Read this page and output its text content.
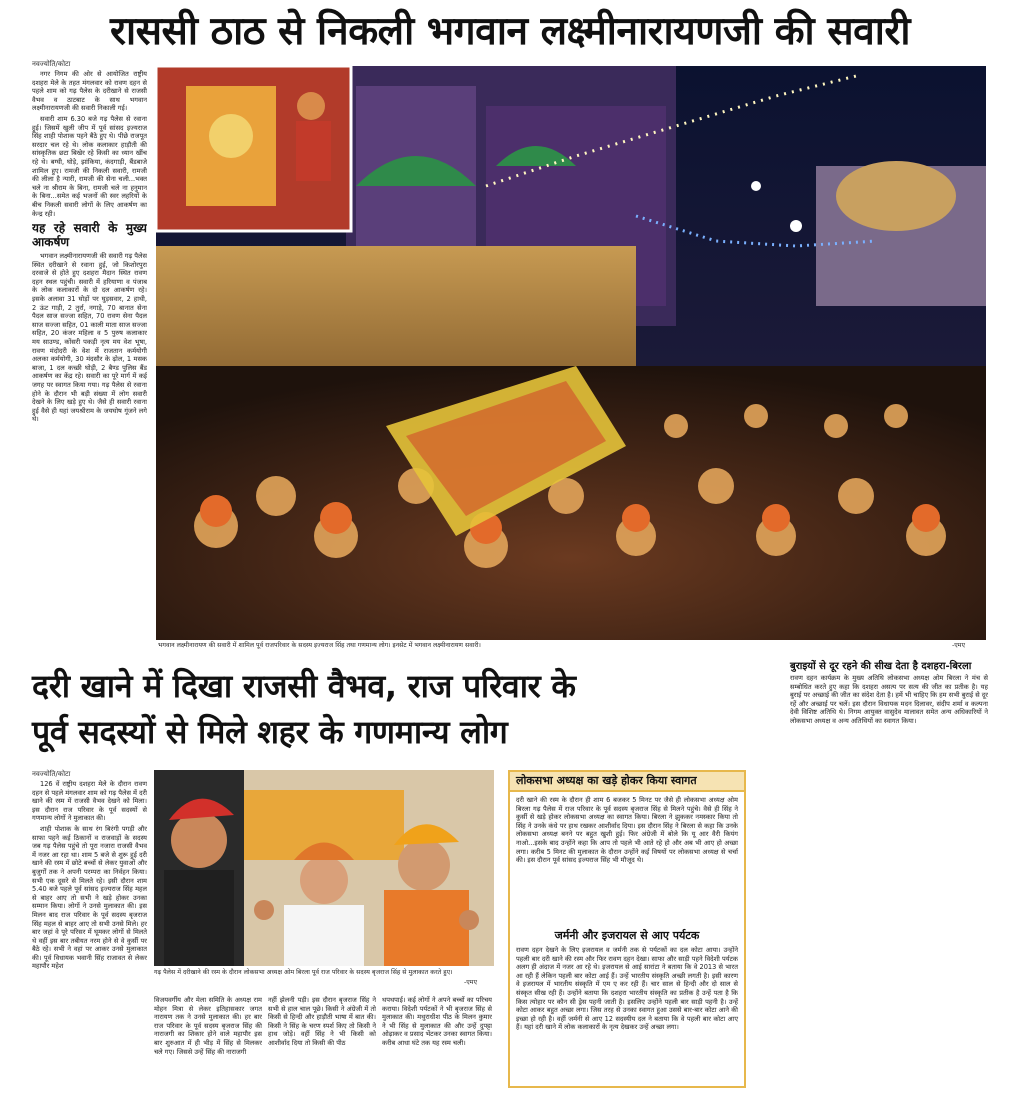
राससी ठाठ से निकली भगवान लक्ष्मीनारायणजी की सवारी
नवज्योति/कोटा

नगर निगम की ओर से आयोजित राष्ट्रीय दशहरा मेले के तहत मंगलवार को रावण दहन से पहले शाम को गढ़ पैलेस के दरीखाने से राजसी वैभव व ठाटबाट के साथ भगवान लक्ष्मीनारायणजी की सवारी निकाली गई।

सवारी शाम 6.30 बजे गढ़ पैलेस से रवाना हुई। जिसमें खुली जीप में पूर्व सांसद इज्यराज सिंह शाही पोशाक पहने बैठे हुए थे। पीछे राजपूत सरदार चल रहे थे। लोक कलाकार हाड़ौती की सांस्कृतिक छटा बिखेर रहे किसी का ध्यान खींच रहे थे। बग्घी, घोड़े, झांकिया, कंदगाड़ी, बैंडबाजे शामिल हुए। रामजी की निकली सवारी, रामजी की लीला है न्यारी, रामजी की सेना चली...भक्त चले ना श्रीराम के बिना, रामजी चले ना हनुमान के बिना...समेत कई भजनों की स्वर लहरियों के बीच निकली सवारी लोगों के लिए आकर्षण का केन्द्र रही।

यह रहे सवारी के मुख्य आकर्षण

भगवान लक्ष्मीनारायणजी की सवारी गढ़ पैलेस स्थित दरीखाने से रवाना हुई, जो किशोरपुरा दरवाजे से होते हुए दशहरा मैदान स्थित रावण दहन स्थल पहुंची। सवारी में हरियाणा व पंजाब के लोक कलाकारों के दो दल आकर्षण रहे। इसके अलावा 31 घोड़ों पर घुड़सवार, 2 हाथी, 2 ऊंट गाड़ी, 2 तुर्रा, नगाड़े, 70 बानात सेना पैदल साज सज्जा सहित, 70 रावण सेना पैदल साज सज्जा सहित, 01 काली माता साज सज्जा सहित, 20 कंजर महिला व 5 पुरुष कलाकार मय साउण्ड, कोंसरी पकड़ी नृत्य मय वेश भूषा, रावण मंदोदरी के वेश में राजतान कर्मयोगी अलका कर्मयोगी, 30 मंदसौर के ढ़ोल, 1 मसक बाजा, 1 दल कच्छी घोड़ी, 2 बैण्ड पुलिस बैंड आकर्षण का केंद्र रहे। सवारी का पूरे मार्ग में कई जगह पर स्वागत किया गया। गढ़ पैलेस से रवाना होने के दौरान भी बड़ी संख्या में लोग सवारी देखने के लिए खड़े हुए थे। जैसे ही सवारी रवाना हुई वैसे ही यहां जयश्रीराम के जयघोष गूंजने लगे थे।

भगवान लक्ष्मीनारायण की सवारी में शामिल पूर्व राजपरिवार के सदस्य इज्यराज सिंह तथा गणमान्य लोग। इनसेट में भगवान लक्ष्मीनारायण सवारी।	-एमए
बुराइयों से दूर रहने की सीख देता है दशहरा-बिरला
रावण दहन कार्यक्रम के मुख्य अतिथि लोकसभा अध्यक्ष ओम बिरला ने मंच से सम्बोधित करते हुए कहा कि दशहरा असत्य पर सत्य की जीत का प्रतीक है। यह बुराई पर अच्छाई की जीत का संदेश देता है। हमें भी चाहिए कि हम सभी बुराई से दूर रहें और अच्छाई पर चलें। इस दौरान विधायक मदन दिलावर, संदीप शर्मा व कल्पना देवी विशिष्ट अतिथि थे। निगम आयुक्त वासुदेव मालावत समेत अन्य अधिकारियों ने लोकसभा अध्यक्ष व अन्य अतिथियों का स्वागत किया।
दरी खाने में दिखा राजसी वैभव, राज परिवार के
पूर्व सदस्यों से मिले शहर के गणमान्य लोग
नवज्योति/कोटा

126 वें राष्ट्रीय दशहरा मेले के दौरान रावण दहन से पहले मंगलवार शाम को गढ़ पैलेस में दरी खाने की रस्म में राजसी वैभव देखने को मिला। इस दौरान राज परिवार के पूर्व सदस्यों से गणमान्य लोगों ने मुलाकात की।

शाही पोशाक के साथ रंग बिरंगी पगड़ी और साफा पहने कई ठिकानों व राजवाड़ों के सदस्य जब गढ़ पैलेस पहुंचे तो पूरा नजारा राजसी वैभव में नजर आ रहा था। शाम 5 बजे से शुरू हुई दरी खाने की रस्म में छोटे बच्चों से लेकर युवाओं और बुजुर्गों तक ने अपनी परम्परा का निर्वहन किया। सभी एक दूसरे से मिलते रहे। इसी दौरान शाम 5.40 बजे पहले पूर्व सांसद इज्यराज सिंह महल से बाहर आए तो सभी ने खड़े होकर उनका सम्मान किया। लोगों ने उनसे मुलाकात की। इस मिलन बाद राज परिवार के पूर्व सदस्य बृजराज सिंह महल से बाहर आए तो सभी उनसे मिले। हर बार जहां वे पूरे परिसर में घूमकर लोगों से मिलते थे वहीं इस बार तबीयत नरम होने से वे कुर्सी पर बैठे रहे। सभी ने वहां पर आकर उनसे मुलाकात की। पूर्व विधायक भवानी सिंह राजावत से लेकर महापौर महेश

गढ़ पैलेस में दरीखाने की रस्म के दौरान लोकसभा अध्यक्ष ओम बिरला पूर्व राज परिवार के सदस्य बृजराज सिंह से मुलाकात करते हुए।
-एमए
विजयवर्गीय और मेला समिति के अध्यक्ष राम मोहन मित्रा से लेकर इतिहासकार जगत नारायण तक ने उनसे मुलाकात की। हर बार राज परिवार के पूर्व सदस्य बृजराज सिंह की नाराजगी का शिकार होने वाले महापौर इस बार शुरुआत में ही भीड़ में सिंह से मिलकर चले गए। जिससे उन्हें सिंह की नाराजगी
नहीं झेलनी पड़ी। इस दौरान बृजराज सिंह ने सभी से हाल चाल पूछे। किसी ने अंग्रेजी में तो किसी से हिन्दी और हाड़ौती भाषा में बात की। किसी ने सिंह के चरण स्पर्श किए तो किसी ने हाथ जोड़े। वहीं सिंह ने भी किसी को आशीर्वाद दिया तो किसी की पीठ
थपथपाई। कई लोगों ने अपने बच्चों का परिचय कराया। विदेशी पर्यटकों ने भी बृजराज सिंह से मुलाकात की। मथुराधीश पीठ के मिलन कुमार ने भी सिंह से मुलाकात की और उन्हें दुपट्टा ओढ़ाकर व प्रसाद भेंटकर उनका स्वागत किया। करीब आधा घंटे तक यह रस्म चली।
लोकसभा अध्यक्ष का खड़े होकर किया स्वागत
दरी खाने की रस्म के दौरान ही शाम 6 बजकर 5 मिनट पर जैसे ही लोकसभा अध्यक्ष ओम बिरला गढ़ पैलेस में राज परिवार के पूर्व सदस्य बृजराज सिंह से मिलने पहुंचे। वैसे ही सिंह ने कुर्सी से खड़े होकर लोकसभा अध्यक्ष का स्वागत किया। बिरला ने झुककर नमस्कार किया तो सिंह ने उनके कंधे पर हाथ रखकर आशीर्वाद दिया। इस दौरान सिंह ने बिरला से कहा कि उनके लोकसभा अध्यक्ष बनने पर बहुत खुशी हुई। फिर अंग्रेजी में बोले कि यू आर वैरी कियंग नाओ...इसके बाद उन्होंने कहा कि आप तो पहले भी आते रहे हो और अब भी आए हो अच्छा लगा। करीब 5 मिनट की मुलाकात के दौरान उन्होंने कई विषयों पर लोकसभा अध्यक्ष से चर्चा की। इस दौरान पूर्व सांसद इज्यराज सिंह भी मौजूद थे।
जर्मनी और इजरायल से आए पर्यटक
रावण दहन देखने के लिए इजरायल व जर्मनी तक से पर्यटकों का दल कोटा आया। उन्होंने पहली बार दरी खाने की रस्म और फिर रावण दहन देखा। साफा और साड़ी पहने विदेशी पर्यटक अलग ही अंदाज में नजर आ रहे थे। इजरायल से आई सारांटा ने बताया कि वे 2013 से भारत आ रही हैं लेकिन पहली बार कोटा आई हैं। उन्हें भारतीय संस्कृति अच्छी लगती है। इसी कारण वे इजरायल में भारतीय संस्कृति में एम ए कर रही हैं। चार साल से हिन्दी और दो साल से संस्कृत सीख रही हैं। उन्होंने बताया कि दशहरा भारतीय संस्कृति का प्रतीक है उन्हें पता है कि किस त्योहार पर कौन सी ड्रेस पहनी जाती है। इसलिए उन्होंने पहली बार साड़ी पहनी है। उन्हें कोटा आकर बहुत अच्छा लगा। जिस तरह से उनका स्वागत हुआ उससे बार-बार कोटा आने की इच्छा हो रही है। वहीं जर्मनी से आए 12 सदस्यीय दल ने बताया कि वे पहली बार कोटा आए हैं। यहां दरी खाने में लोक कलाकारों के नृत्य देखकर उन्हें अच्छा लगा।
